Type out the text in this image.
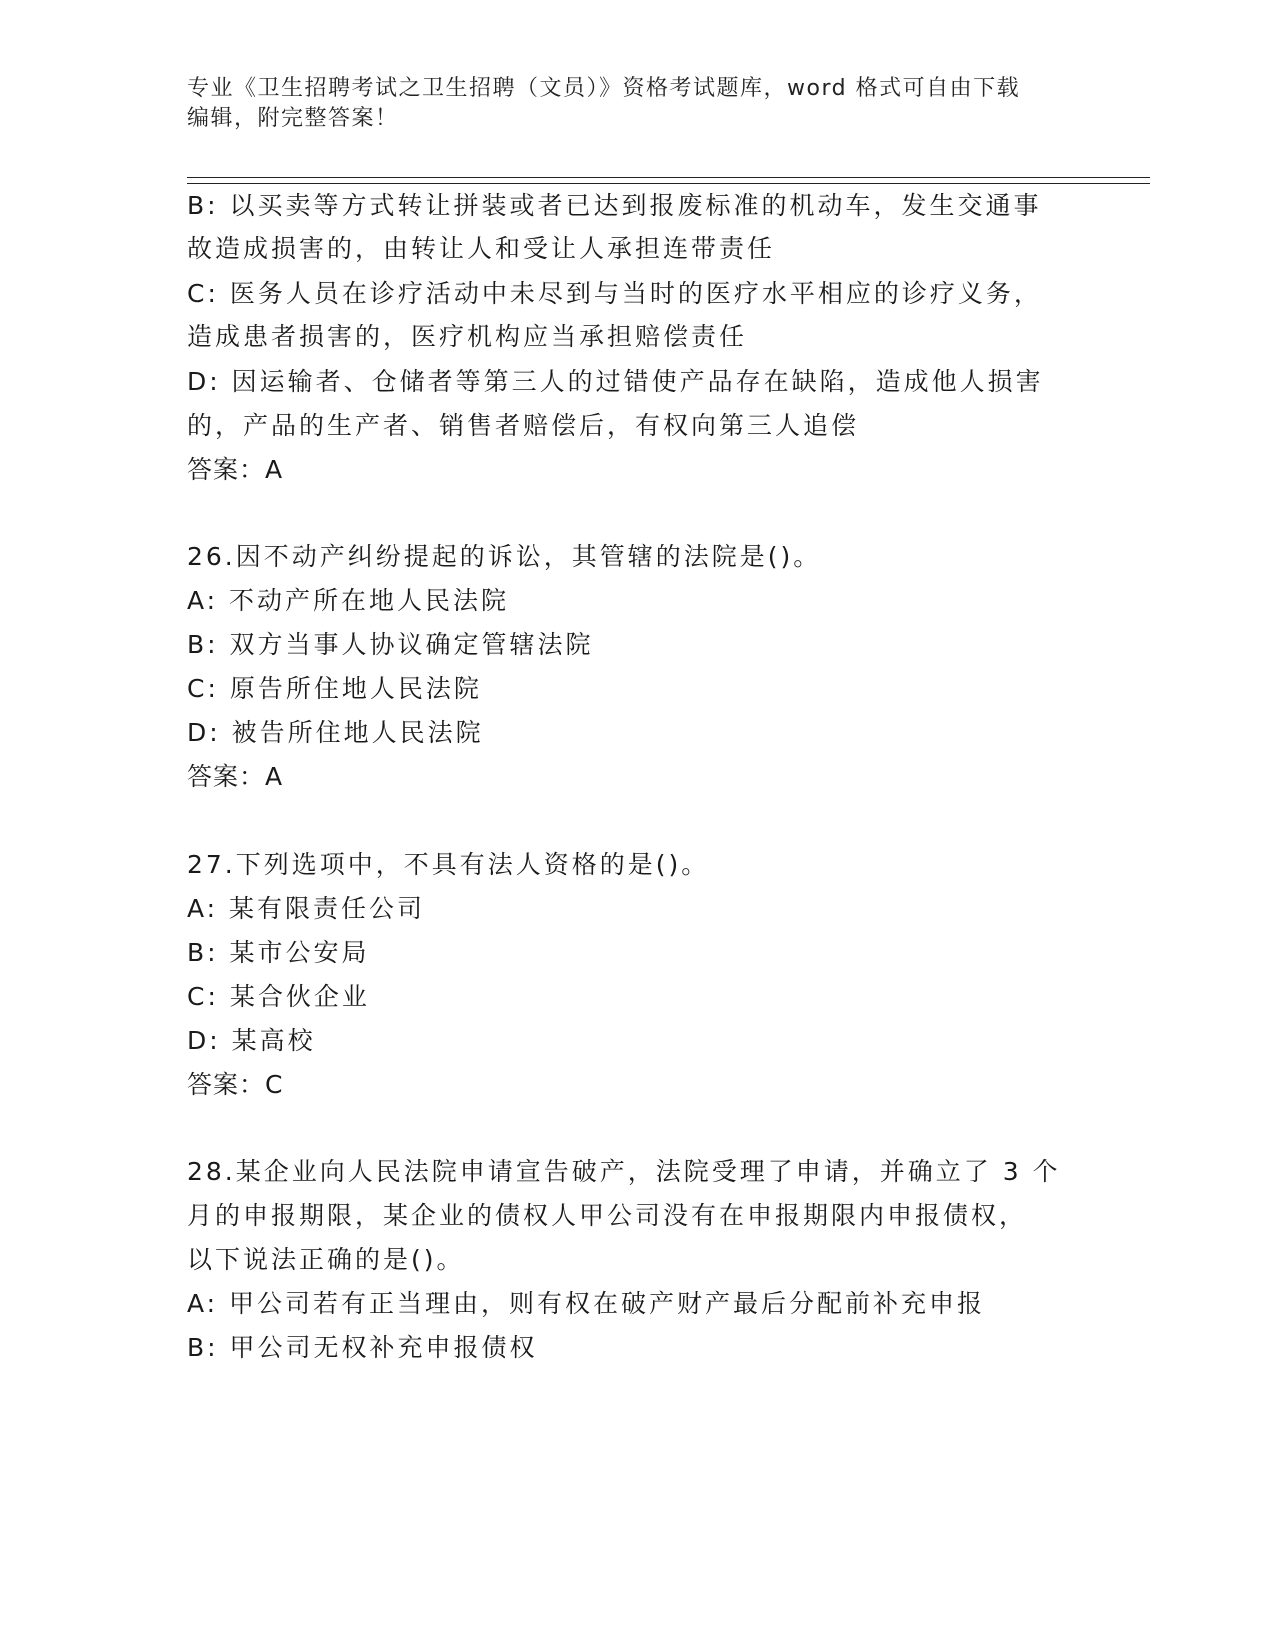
专业《卫生招聘考试之卫生招聘（文员）》资格考试题库，word 格式可自由下载
编辑，附完整答案！
B: 以买卖等方式转让拼装或者已达到报废标准的机动车，发生交通事
故造成损害的，由转让人和受让人承担连带责任
C: 医务人员在诊疗活动中未尽到与当时的医疗水平相应的诊疗义务，
造成患者损害的，医疗机构应当承担赔偿责任
D: 因运输者、仓储者等第三人的过错使产品存在缺陷，造成他人损害
的，产品的生产者、销售者赔偿后，有权向第三人追偿
答案：A
26.因不动产纠纷提起的诉讼，其管辖的法院是()。
A: 不动产所在地人民法院
B: 双方当事人协议确定管辖法院
C: 原告所住地人民法院
D: 被告所住地人民法院
答案：A
27.下列选项中，不具有法人资格的是()。
A: 某有限责任公司
B: 某市公安局
C: 某合伙企业
D: 某高校
答案：C
28.某企业向人民法院申请宣告破产，法院受理了申请，并确立了 3 个
月的申报期限，某企业的债权人甲公司没有在申报期限内申报债权，
以下说法正确的是()。
A: 甲公司若有正当理由，则有权在破产财产最后分配前补充申报
B: 甲公司无权补充申报债权
